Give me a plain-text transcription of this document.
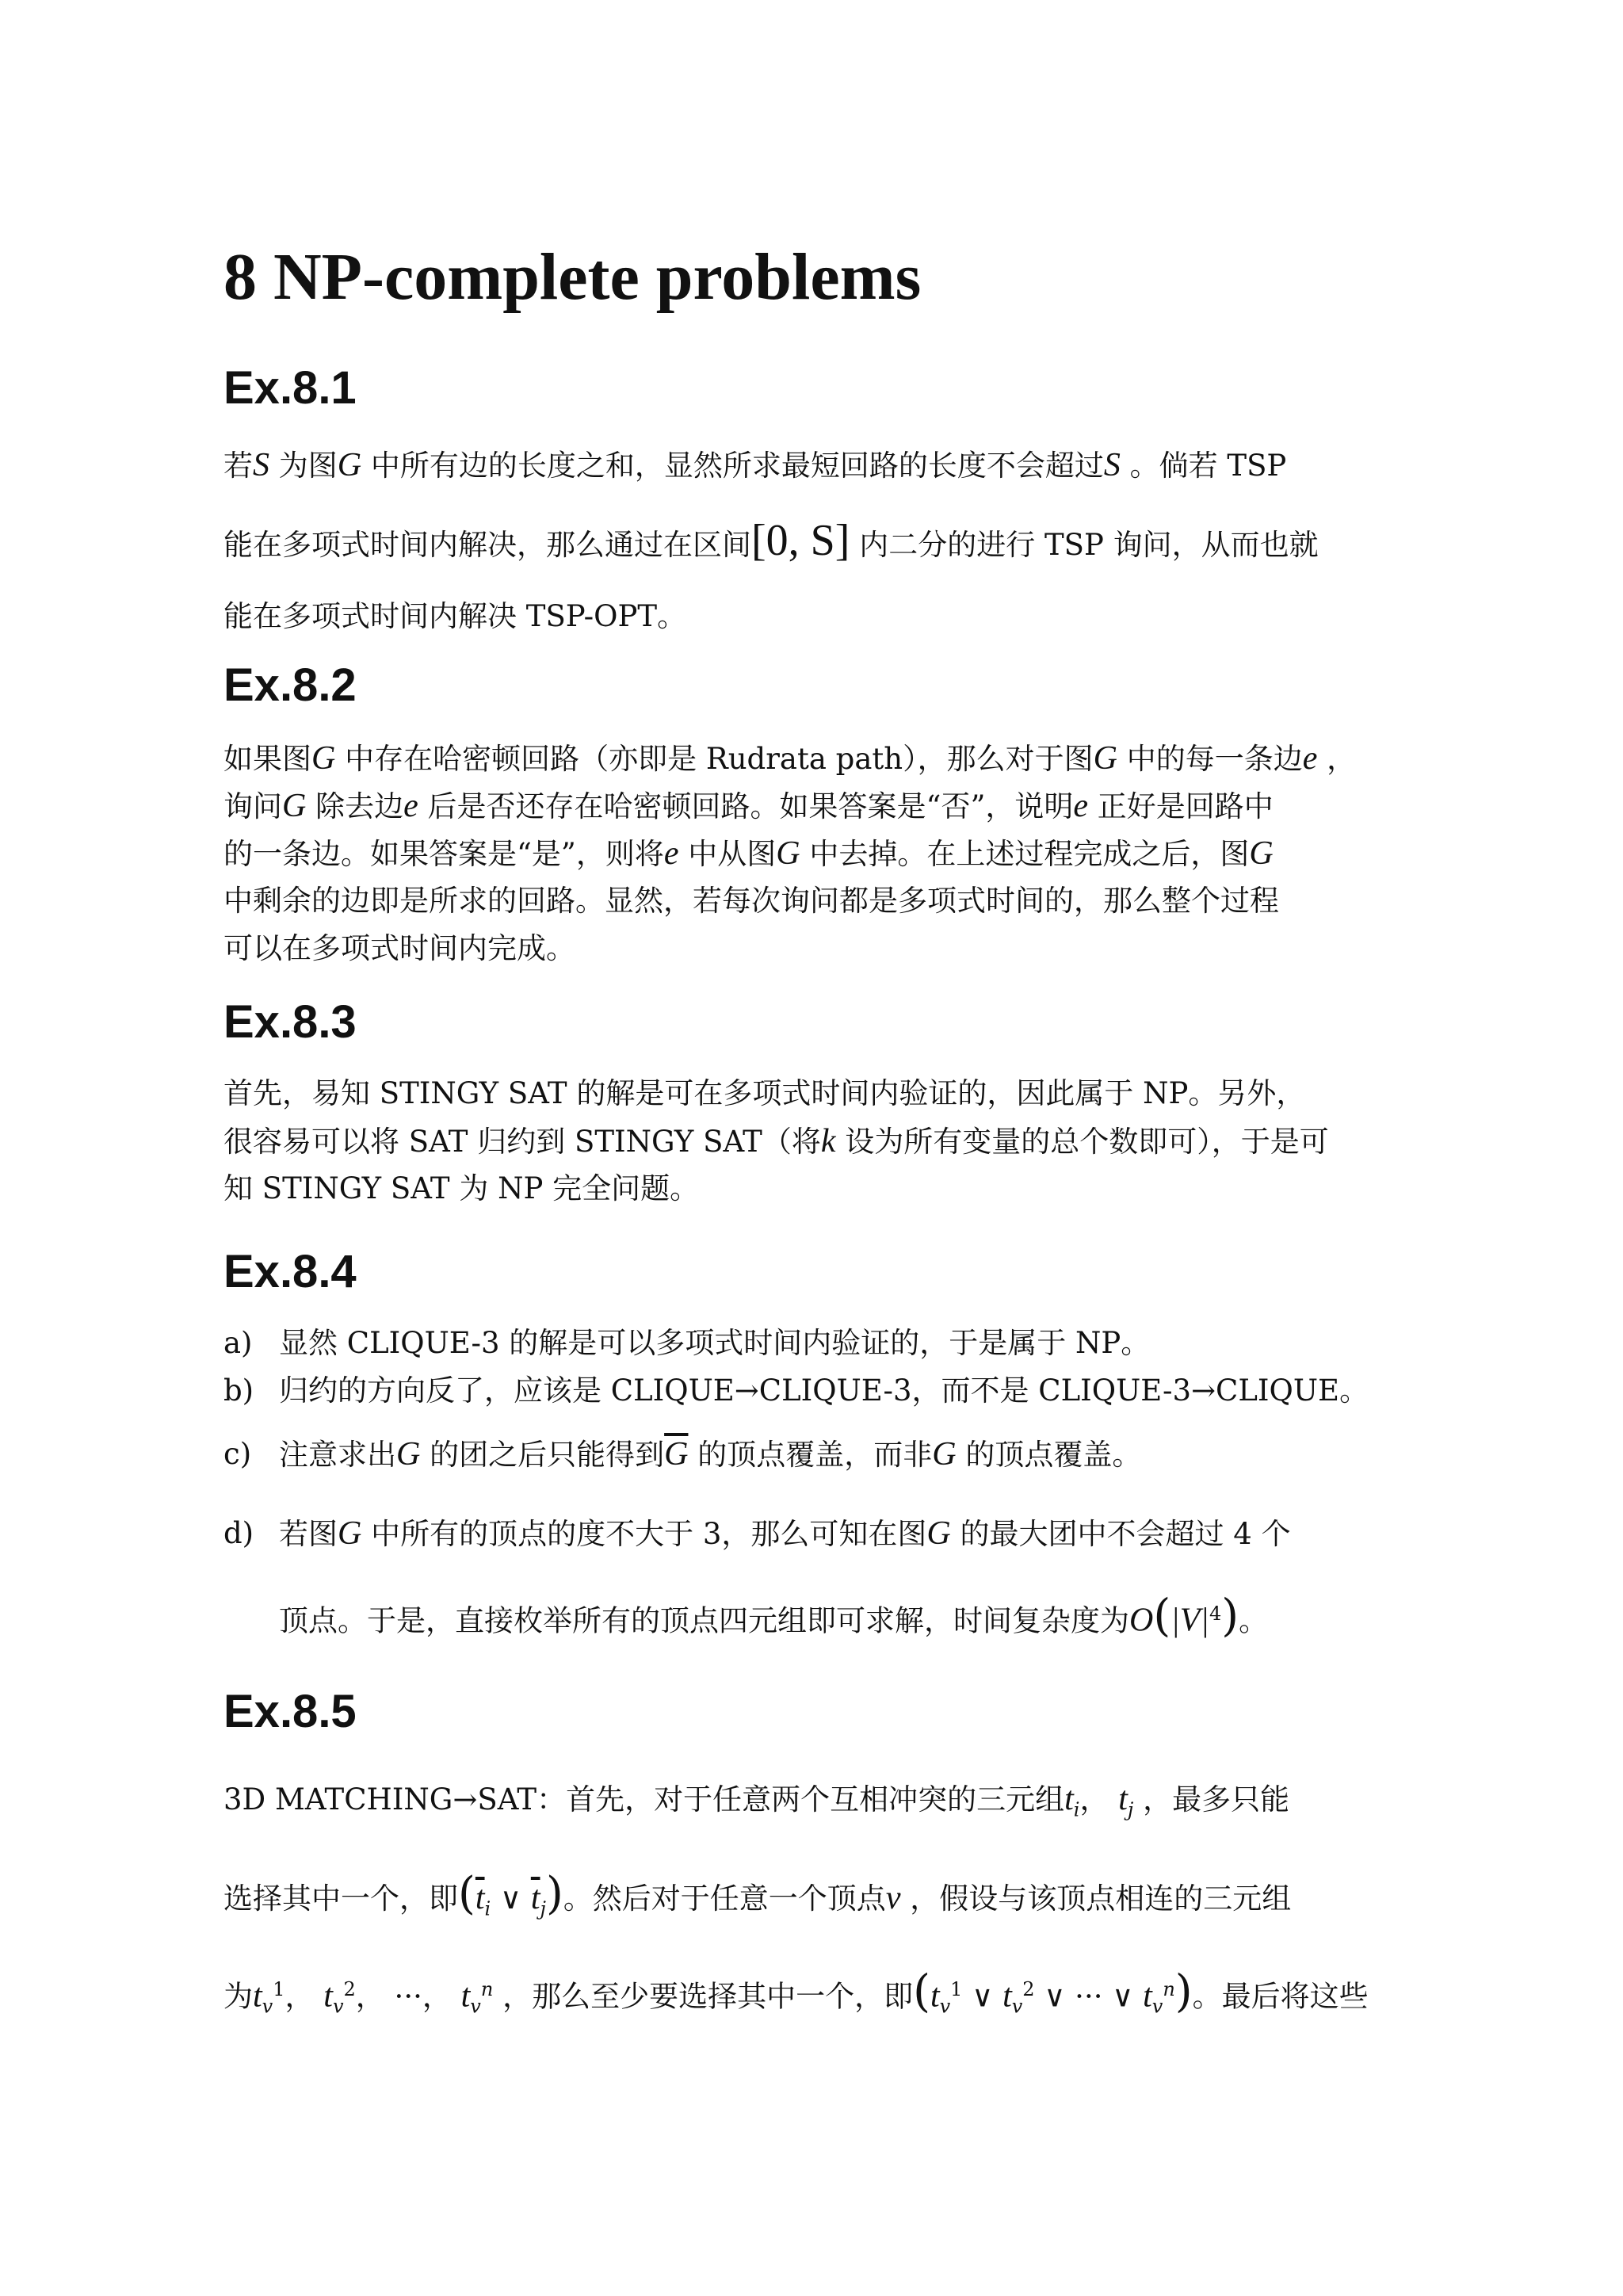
8 NP-complete problems
Ex.8.1
若S 为图G 中所有边的长度之和，显然所求最短回路的长度不会超过S 。倘若 TSP
能在多项式时间内解决，那么通过在区间[0, S] 内二分的进行 TSP 询问，从而也就
能在多项式时间内解决 TSP-OPT。
Ex.8.2
如果图G 中存在哈密顿回路（亦即是 Rudrata path），那么对于图G 中的每一条边e ，
询问G 除去边e 后是否还存在哈密顿回路。如果答案是“否”，说明e 正好是回路中
的一条边。如果答案是“是”，则将e 中从图G 中去掉。在上述过程完成之后，图G
中剩余的边即是所求的回路。显然，若每次询问都是多项式时间的，那么整个过程
可以在多项式时间内完成。
Ex.8.3
首先，易知 STINGY SAT 的解是可在多项式时间内验证的，因此属于 NP。另外，
很容易可以将 SAT 归约到 STINGY SAT（将k 设为所有变量的总个数即可），于是可
知 STINGY SAT 为 NP 完全问题。
Ex.8.4
a) 显然 CLIQUE-3 的解是可以多项式时间内验证的，于是属于 NP。
b) 归约的方向反了，应该是 CLIQUE→CLIQUE-3，而不是 CLIQUE-3→CLIQUE。
c) 注意求出G 的团之后只能得到$\overline{G}$ 的顶点覆盖，而非G 的顶点覆盖。
d) 若图G 中所有的顶点的度不大于 3，那么可知在图G 的最大团中不会超过 4 个
顶点。于是，直接枚举所有的顶点四元组即可求解，时间复杂度为$O(|V|^4)$。
Ex.8.5
3D MATCHING→SAT：首先，对于任意两个互相冲突的三元组$t_i$， $t_j$ ，最多只能
选择其中一个，即($\overline{t}_i$ ∨ $\overline{t}_j$)。然后对于任意一个顶点v ，假设与该顶点相连的三元组
为$t_v^1$， $t_v^2$， ···， $t_v^n$ ，那么至少要选择其中一个，即($t_v^1$ ∨ $t_v^2$ ∨ ··· ∨ $t_v^n$)。最后将这些
